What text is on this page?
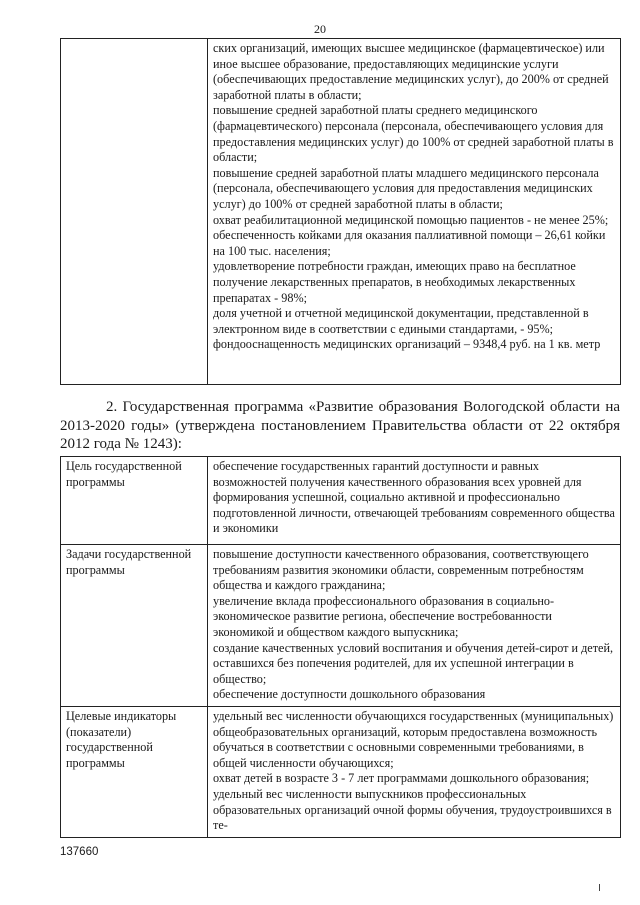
20

ских организаций, имеющих высшее медицинское (фармацевтическое) или иное высшее образование, предоставляющих медицинские услуги (обеспечивающих предоставление медицинских услуг), до 200% от средней заработной платы в области;
повышение средней заработной платы среднего медицинского (фармацевтического) персонала (персонала, обеспечивающего условия для предоставления медицинских услуг) до 100% от средней заработной платы в области;
повышение средней заработной платы младшего медицинского персонала (персонала, обеспечивающего условия для предоставления медицинских услуг) до 100% от средней заработной платы в области;
охват реабилитационной медицинской помощью пациентов - не менее 25%;
обеспеченность койками для оказания паллиативной помощи – 26,61 койки на 100 тыс. населения;
удовлетворение потребности граждан, имеющих право на бесплатное получение лекарственных препаратов, в необходимых лекарственных препаратах - 98%;
доля учетной и отчетной медицинской документации, представленной в электронном виде в соответствии с едиными стандартами, - 95%;
фондооснащенность медицинских организаций – 9348,4 руб. на 1 кв. метр
2. Государственная программа «Развитие образования Вологодской области на 2013-2020 годы» (утверждена постановлением Правительства области от 22 октября 2012 года № 1243):
Цель государственной программы	обеспечение государственных гарантий доступности и равных возможностей получения качественного образования всех уровней для формирования успешной, социально активной и профессионально подготовленной личности, отвечающей требованиям современного общества и экономики
Задачи государственной программы	повышение доступности качественного образования, соответствующего требованиям развития экономики области, современным потребностям общества и каждого гражданина;
увеличение вклада профессионального образования в социально-экономическое развитие региона, обеспечение востребованности экономикой и обществом каждого выпускника;
создание качественных условий воспитания и обучения детей-сирот и детей, оставшихся без попечения родителей, для их успешной интеграции в общество;
обеспечение доступности дошкольного образования

Целевые индикаторы (показатели) государственной программы	удельный вес численности обучающихся государственных (муниципальных) общеобразовательных организаций, которым предоставлена возможность обучаться в соответствии с основными современными требованиями, в общей численности обучающихся;
охват детей в возрасте 3 - 7 лет программами дошкольного образования;
удельный вес численности выпускников профессиональных образовательных организаций очной формы обучения, трудоустроившихся в те-
137660
